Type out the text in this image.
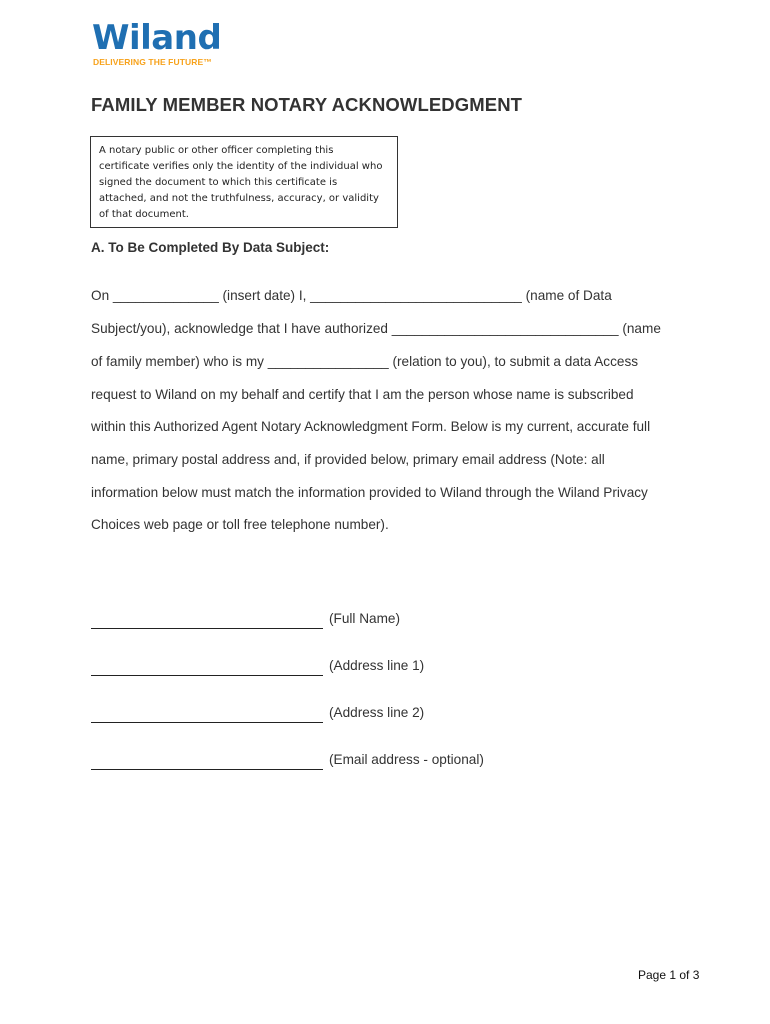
Wiland
DELIVERING THE FUTURE™
FAMILY MEMBER NOTARY ACKNOWLEDGMENT
A notary public or other officer completing this
certificate verifies only the identity of the individual who
signed the document to which this certificate is
attached, and not the truthfulness, accuracy, or validity
of that document.
A. To Be Completed By Data Subject:
On ______________ (insert date) I, ____________________________ (name of Data
Subject/you), acknowledge that I have authorized ______________________________ (name
of family member) who is my ________________ (relation to you), to submit a data Access
request to Wiland on my behalf and certify that I am the person whose name is subscribed
within this Authorized Agent Notary Acknowledgment Form. Below is my current, accurate full
name, primary postal address and, if provided below, primary email address (Note: all
information below must match the information provided to Wiland through the Wiland Privacy
Choices web page or toll free telephone number).
(Full Name)
(Address line 1)
(Address line 2)
(Email address - optional)
Page 1 of 3
